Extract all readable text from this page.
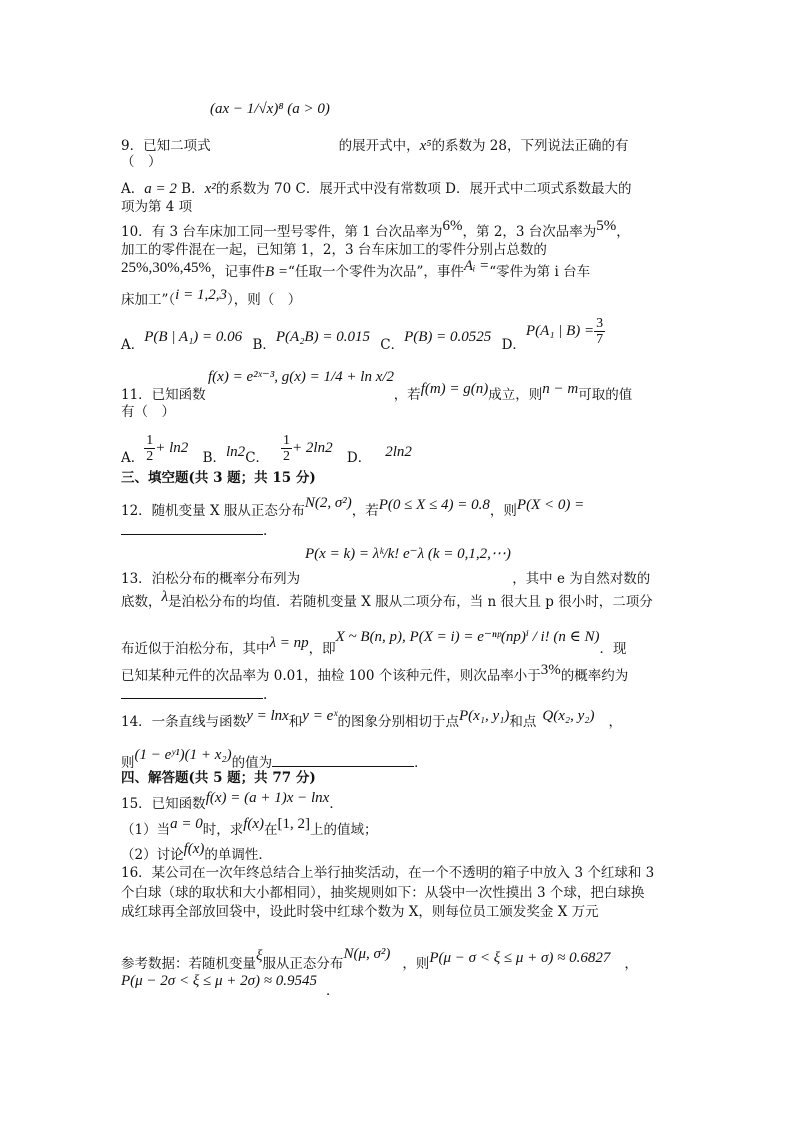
(ax − 1/√x)⁸ (a > 0)
9．已知二项式	的展开式中，x⁵的系数为 28，下列说法正确的有
（　）
A．a = 2 B．x²的系数为 70 C．展开式中没有常数项 D．展开式中二项式系数最大的
项为第 4 项
10．有 3 台车床加工同一型号零件，第 1 台次品率为6%，第 2，3 台次品率为5%，
加工的零件混在一起，已知第 1，2，3 台车床加工的零件分别占总数的
25%,30%,45%，记事件B =“任取一个零件为次品”，事件Aᵢ =“零件为第 i 台车
床加工”（i = 1,2,3），则（　）
A．P(B | A₁) = 0.06 B．P(A₂B) = 0.015 C．P(B) = 0.0525 D．P(A₁ | $B) = \frac{3}{7}$
f(x) = e²ˣ⁻³, g(x) = 1/4 + ln x/2
11．已知函数	，若f(m) = g(n)成立，则n − m可取的值
有（　）
A． $\frac{1}{2} + \ln 2$ B．ln2C． $\frac{1}{2} + 2\ln 2$ D． 2ln2
三、填空题(共 3 题；共 15 分)
12．随机变量 X 服从正态分布N(2, σ²)，若P(0 ≤ X ≤ 4) = 0.8，则P(X < 0) =
.
P(x = k) = λᵏ/k! e⁻λ (k = 0,1,2,⋯)
13．泊松分布的概率分布列为	，其中 e 为自然对数的
底数，λ是泊松分布的均值．若随机变量 X 服从二项分布，当 n 很大且 p 很小时，二项分
布近似于泊松分布，其中λ = np，即X ~ B(n, p), P(X = i) = e⁻ⁿᵖ(np)ⁱ / i! (n ∈ N)．现
已知某种元件的次品率为 0.01，抽检 100 个该种元件，则次品率小于3%的概率约为
.
14．一条直线与函数y = lnx和y = eˣ的图象分别相切于点P(x₁, y₁)和点 Q(x₂, y₂) ，
则(1 − eʸ¹)(1 + x₂)的值为	．
四、解答题(共 5 题；共 77 分)
15．已知函数f(x) = (a + 1)x − lnx．
（1）当a = 0时，求f(x)在[1, 2]上的值域；
（2）讨论f(x)的单调性．
16．某公司在一次年终总结合上举行抽奖活动，在一个不透明的箱子中放入 3 个红球和 3
个白球（球的取状和大小都相同），抽奖规则如下：从袋中一次性摸出 3 个球，把白球换
成红球再全部放回袋中，设此时袋中红球个数为 X，则每位员工颁发奖金 X 万元
参考数据：若随机变量ξ服从正态分布N(μ, σ²)，则P(μ − σ < ξ ≤ μ + σ) ≈ 0.6827 ，
P(μ − 2σ < ξ ≤ μ + 2σ) ≈ 0.9545
．
